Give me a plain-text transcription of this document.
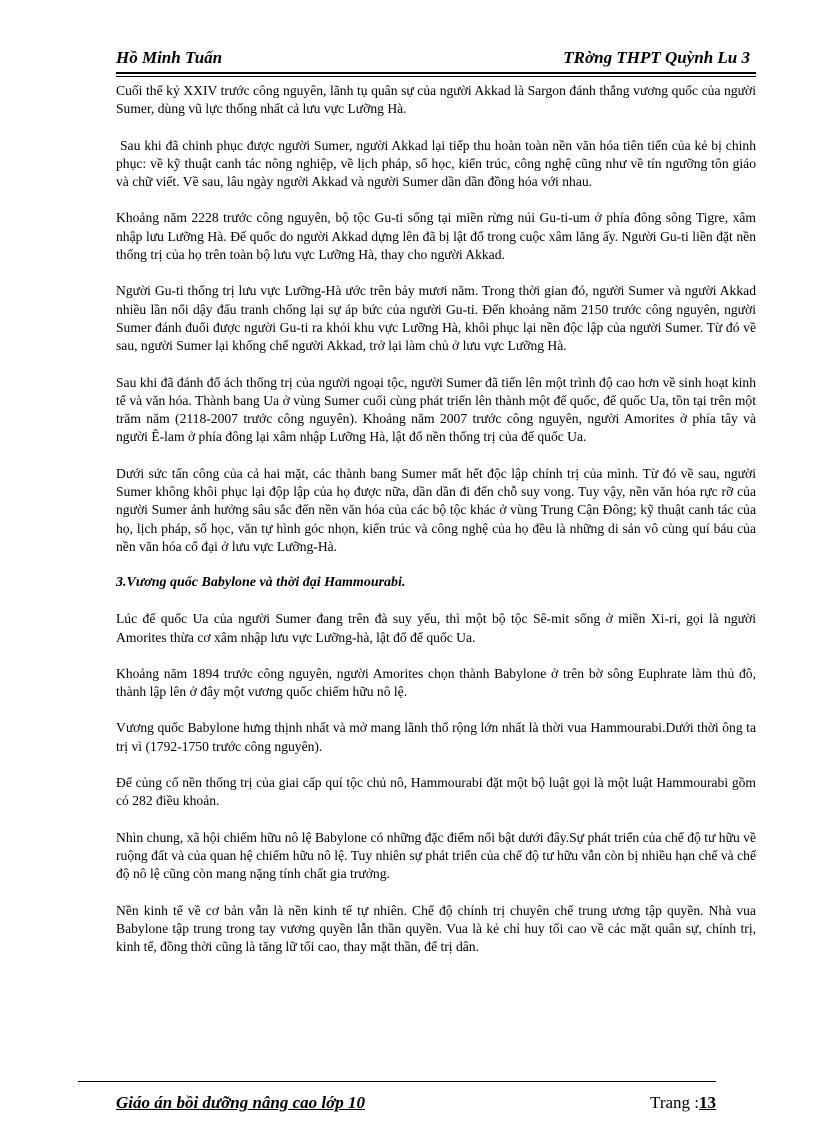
Hồ Minh Tuấn	TRờng THPT Quỳnh Lu 3

Cuối thế kỷ XXIV trước công nguyên, lãnh tụ quân sự của người Akkad là Sargon đánh thắng vương quốc của người Sumer, dùng vũ lực thống nhất cả lưu vực Lưỡng Hà.

Sau khi đã chinh phục được người Sumer, người Akkad lại tiếp thu hoàn toàn nền văn hóa tiên tiến của kẻ bị chinh phục: về kỹ thuật canh tác nông nghiệp, về lịch pháp, số học, kiến trúc, công nghệ cũng như về tín ngưỡng tôn giáo và chữ viết. Về sau, lâu ngày người Akkad và người Sumer dần dần đồng hóa với nhau.

Khoảng năm 2228 trước công nguyên, bộ tộc Gu-ti sống tại miền rừng núi Gu-ti-um ở phía đông sông Tigre, xâm nhập lưu Lưỡng Hà. Đế quốc do người Akkad dựng lên đã bị lật đổ trong cuộc xâm lăng ấy. Người Gu-ti liền đặt nền thống trị của họ trên toàn bộ lưu vực Lưỡng Hà, thay cho người Akkad.

Người Gu-ti thống trị lưu vực Lưỡng-Hà ước trên bảy mươi năm. Trong thời gian đó, người Sumer và người Akkad nhiều lần nổi dậy đấu tranh chống lại sự áp bức của người Gu-ti. Đến khoảng năm 2150 trước công nguyên, người Sumer đánh đuổi được người Gu-ti ra khỏi khu vực Lưỡng Hà, khôi phục lại nền độc lập của người Sumer. Từ đó về sau, người Sumer lại khống chế người Akkad, trở lại làm chủ ở lưu vực Lưỡng Hà.

Sau khi đã đánh đổ ách thống trị của người ngoại tộc, người Sumer đã tiến lên một trình độ cao hơn về sinh hoạt kinh tế và văn hóa. Thành bang Ua ở vùng Sumer cuối cùng phát triển lên thành một đế quốc, đế quốc Ua, tồn tại trên một trăm năm (2118-2007 trước công nguyên). Khoảng năm 2007 trước công nguyên, người Amorites ở phía tây và người Ê-lam ở phía đông lại xâm nhập Lưỡng Hà, lật đổ nền thống trị của đế quốc Ua.

Dưới sức tấn công của cả hai mặt, các thành bang Sumer mất hết độc lập chính trị của mình. Từ đó về sau, người Sumer không khôi phục lại độp lập của họ được nữa, dần dần đi đến chỗ suy vong. Tuy vậy, nền văn hóa rực rỡ của người Sumer ảnh hưởng sâu sắc đến nền văn hóa của các bộ tộc khác ở vùng Trung Cận Đông; kỹ thuật canh tác của họ, lịch pháp, số học, văn tự hình góc nhọn, kiến trúc và công nghệ của họ đều là những di sản vô cùng quí báu của nền văn hóa cổ đại ở lưu vực Lưỡng-Hà.

3.Vương quốc Babylone và thời đại Hammourabi.

Lúc đế quốc Ua của người Sumer đang trên đà suy yếu, thì một bộ tộc Sê-mit sống ở miền Xi-ri, gọi là người Amorites thừa cơ xâm nhập lưu vực Lưỡng-hà, lật đổ đế quốc Ua.

Khoảng năm 1894 trước công nguyên, người Amorites chọn thành Babylone ở trên bờ sông Euphrate làm thủ đô, thành lập lên ở đây một vương quốc chiếm hữu nô lệ.

Vương quốc Babylone hưng thịnh nhất và mở mang lãnh thổ rộng lớn nhất là thời vua Hammourabi.Dưới thời ông ta trị vì (1792-1750 trước công nguyên).

Để củng cố nền thống trị của giai cấp quí tộc chủ nô, Hammourabi đặt một bộ luật gọi là một luật Hammourabi gồm có 282 điều khoản.

Nhìn chung, xã hội chiếm hữu nô lệ Babylone có những đặc điểm nổi bật dưới đây.Sự phát triển của chế độ tư hữu về ruộng đất và của quan hệ chiếm hữu nô lệ. Tuy nhiên sự phát triển của chế độ tư hữu vẫn còn bị nhiều hạn chế và chế độ nô lệ cũng còn mang nặng tính chất gia trưởng.

Nền kinh tế về cơ bản vẫn là nền kinh tế tự nhiên. Chế độ chính trị chuyên chế trung ương tập quyền. Nhà vua Babylone tập trung trong tay vương quyền lẫn thần quyền. Vua là kẻ chỉ huy tối cao về các mặt quân sự, chính trị, kinh tế, đồng thời cũng là tăng lữ tối cao, thay mặt thần, để trị dân.

Giáo án bồi dưỡng nâng cao lớp 10	Trang :13
